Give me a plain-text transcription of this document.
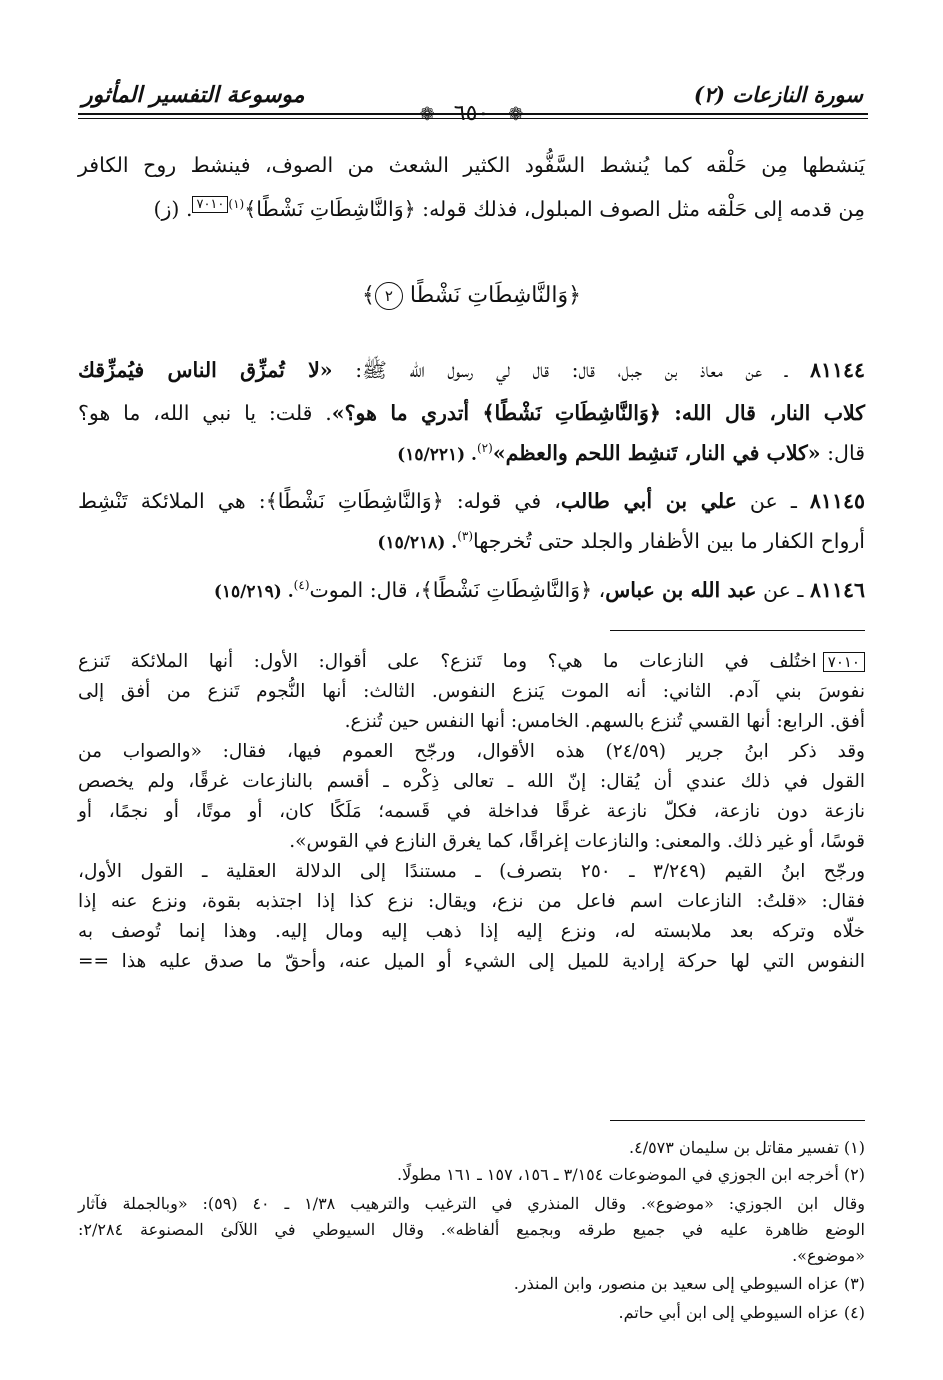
سورة النازعات (٢)
موسوعة التفسير المأثور
❁ ٦٥٠ ❁
يَنشطها مِن حَلْقه كما يُنشط السَّفُّود الكثير الشعث من الصوف، فينشط روح الكافر
مِن قدمه إلى حَلْقه مثل الصوف المبلول، فذلك قوله: ﴿وَالنَّاشِطَاتِ نَشْطًا﴾$^{(١)}$٧٠١٠. (ز)
﴿وَالنَّاشِطَاتِ نَشْطًا ٢﴾
٨١١٤٤ ـ عن معاذ بن جبل، قال: قال لي رسول الله ﷺ: «لا تُمزِّق الناس فيُمزِّقك
كلاب النار، قال الله: ﴿وَالنَّاشِطَاتِ نَشْطًا﴾ أتدري ما هو؟». قلت: يا نبي الله، ما هو؟
قال: «كلاب في النار، تَنشِط اللحم والعظم»$^{(٢)}$. (١٥/٢٢١)
٨١١٤٥ ـ عن علي بن أبي طالب، في قوله: ﴿وَالنَّاشِطَاتِ نَشْطًا﴾: هي الملائكة تَنْشِط
أرواح الكفار ما بين الأظفار والجلد حتى تُخرجها$^{(٣)}$. (١٥/٢١٨)
٨١١٤٦ ـ عن عبد الله بن عباس، ﴿وَالنَّاشِطَاتِ نَشْطًا﴾، قال: الموت$^{(٤)}$. (١٥/٢١٩)
٧٠١٠اختُلف في النازعات ما هي؟ وما تَنزع؟ على أقوال: الأول: أنها الملائكة تَنزع
نفوسَ بني آدم. الثاني: أنه الموت يَنزع النفوس. الثالث: أنها النُّجوم تَنزع من أفق إلى
أفق. الرابع: أنها القسي تُنزع بالسهم. الخامس: أنها النفس حين تُنزع.
وقد ذكر ابنُ جرير (٢٤/٥٩) هذه الأقوال، ورجّح العموم فيها، فقال: «والصواب من
القول في ذلك عندي أن يُقال: إنّ الله ـ تعالى ذِكْره ـ أقسم بالنازعات غرقًا، ولم يخصص
نازعة دون نازعة، فكلّ نازعة غرقًا فداخلة في قَسمه؛ مَلَكًا كان، أو موتًا، أو نجمًا، أو
قوسًا، أو غير ذلك. والمعنى: والنازعات إغراقًا، كما يغرق النازع في القوس».
ورجّح ابنُ القيم (٣/٢٤٩ ـ ٢٥٠ بتصرف) ـ مستندًا إلى الدلالة العقلية ـ القول الأول،
فقال: «قلتُ: النازعات اسم فاعل من نزع، ويقال: نزع كذا إذا اجتذبه بقوة، ونزع عنه إذا
خلّاه وتركه بعد ملابسته له، ونزع إليه إذا ذهب إليه ومال إليه. وهذا إنما تُوصف به
النفوس التي لها حركة إرادية للميل إلى الشيء أو الميل عنه، وأحقّ ما صدق عليه هذا ==
(١) تفسير مقاتل بن سليمان ٤/٥٧٣.
(٢) أخرجه ابن الجوزي في الموضوعات ٣/١٥٤ ـ ١٥٦، ١٥٧ ـ ١٦١ مطولًا.
وقال ابن الجوزي: «موضوع». وقال المنذري في الترغيب والترهيب ١/٣٨ ـ ٤٠ (٥٩): «وبالجملة فآثار
الوضع ظاهرة عليه في جميع طرقه وبجميع ألفاظه». وقال السيوطي في اللآلئ المصنوعة ٢/٢٨٤:
«موضوع».
(٣) عزاه السيوطي إلى سعيد بن منصور، وابن المنذر.
(٤) عزاه السيوطي إلى ابن أبي حاتم.
